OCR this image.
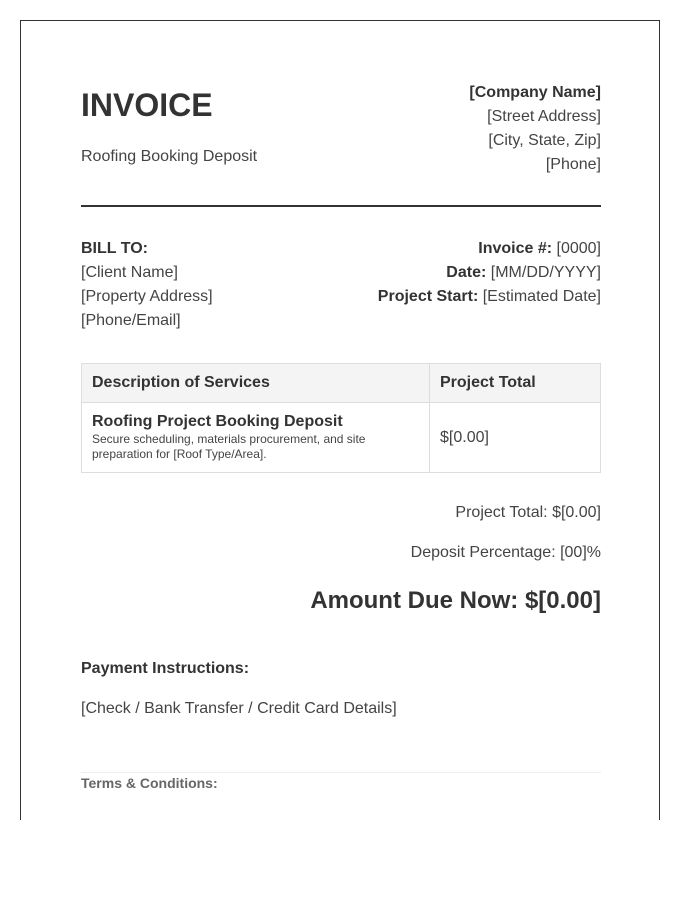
INVOICE
Roofing Booking Deposit
[Company Name]
[Street Address]
[City, State, Zip]
[Phone]
BILL TO:
[Client Name]
[Property Address]
[Phone/Email]
Invoice #: [0000]
Date: [MM/DD/YYYY]
Project Start: [Estimated Date]
Description of Services	Project Total

Roofing Project Booking Deposit
Secure scheduling, materials procurement, and site preparation for [Roof Type/Area].	$[0.00]
Project Total: $[0.00]
Deposit Percentage: [00]%
Amount Due Now: $[0.00]
Payment Instructions:
[Check / Bank Transfer / Credit Card Details]
Terms & Conditions:
